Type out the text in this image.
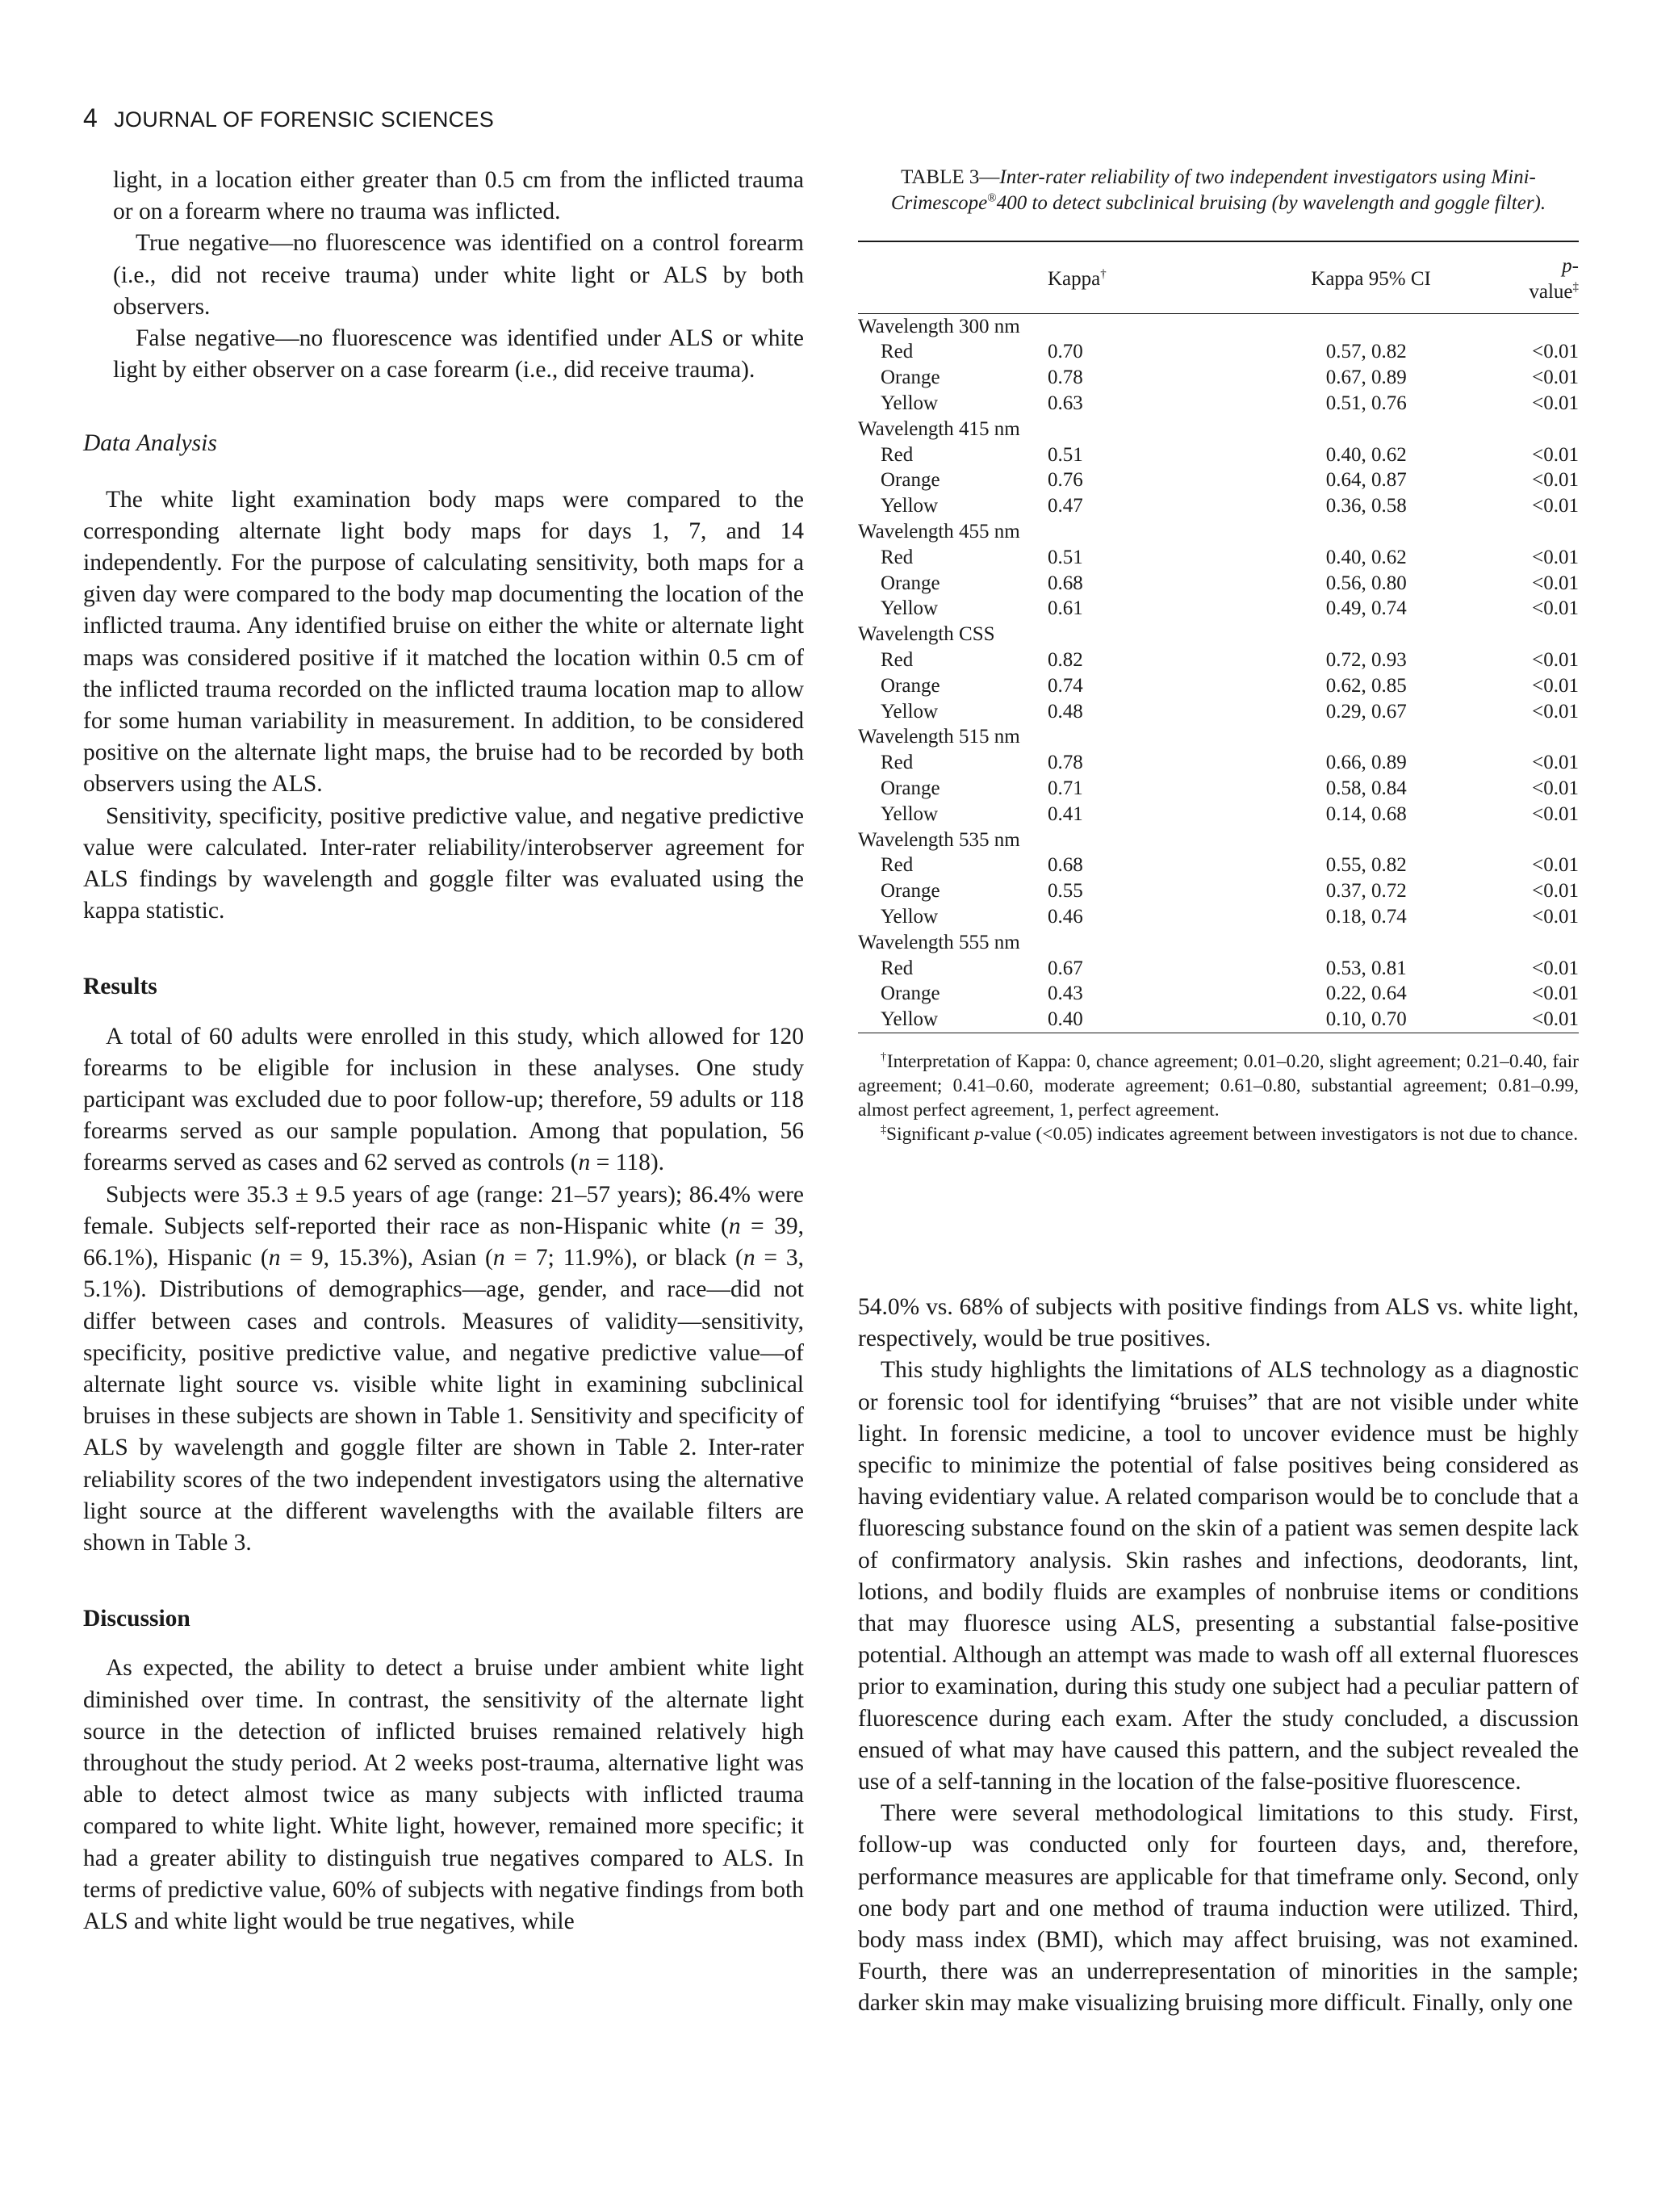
4 JOURNAL OF FORENSIC SCIENCES

light, in a location either greater than 0.5 cm from the inflicted trauma or on a forearm where no trauma was inflicted.

True negative—no fluorescence was identified on a control forearm (i.e., did not receive trauma) under white light or ALS by both observers.

False negative—no fluorescence was identified under ALS or white light by either observer on a case forearm (i.e., did receive trauma).

Data Analysis

The white light examination body maps were compared to the corresponding alternate light body maps for days 1, 7, and 14 independently. For the purpose of calculating sensitivity, both maps for a given day were compared to the body map documenting the location of the inflicted trauma. Any identified bruise on either the white or alternate light maps was considered positive if it matched the location within 0.5 cm of the inflicted trauma recorded on the inflicted trauma location map to allow for some human variability in measurement. In addition, to be considered positive on the alternate light maps, the bruise had to be recorded by both observers using the ALS.

Sensitivity, specificity, positive predictive value, and negative predictive value were calculated. Inter-rater reliability/interobserver agreement for ALS findings by wavelength and goggle filter was evaluated using the kappa statistic.

Results

A total of 60 adults were enrolled in this study, which allowed for 120 forearms to be eligible for inclusion in these analyses. One study participant was excluded due to poor follow-up; therefore, 59 adults or 118 forearms served as our sample population. Among that population, 56 forearms served as cases and 62 served as controls (n = 118).

Subjects were 35.3 ± 9.5 years of age (range: 21–57 years); 86.4% were female. Subjects self-reported their race as non-Hispanic white (n = 39, 66.1%), Hispanic (n = 9, 15.3%), Asian (n = 7; 11.9%), or black (n = 3, 5.1%). Distributions of demographics—age, gender, and race—did not differ between cases and controls. Measures of validity—sensitivity, specificity, positive predictive value, and negative predictive value—of alternate light source vs. visible white light in examining subclinical bruises in these subjects are shown in Table 1. Sensitivity and specificity of ALS by wavelength and goggle filter are shown in Table 2. Inter-rater reliability scores of the two independent investigators using the alternative light source at the different wavelengths with the available filters are shown in Table 3.

Discussion

As expected, the ability to detect a bruise under ambient white light diminished over time. In contrast, the sensitivity of the alternate light source in the detection of inflicted bruises remained relatively high throughout the study period. At 2 weeks post-trauma, alternative light was able to detect almost twice as many subjects with inflicted trauma compared to white light. White light, however, remained more specific; it had a greater ability to distinguish true negatives compared to ALS. In terms of predictive value, 60% of subjects with negative findings from both ALS and white light would be true negatives, while

TABLE 3—Inter-rater reliability of two independent investigators using Mini-Crimescope®400 to detect subclinical bruising (by wavelength and goggle filter).
	Kappa†	Kappa 95% CI	p-value‡

Wavelength 300 nm			
Red	0.70	0.57, 0.82	<0.01
Orange	0.78	0.67, 0.89	<0.01
Yellow	0.63	0.51, 0.76	<0.01
Wavelength 415 nm			
Red	0.51	0.40, 0.62	<0.01
Orange	0.76	0.64, 0.87	<0.01
Yellow	0.47	0.36, 0.58	<0.01
Wavelength 455 nm			
Red	0.51	0.40, 0.62	<0.01
Orange	0.68	0.56, 0.80	<0.01
Yellow	0.61	0.49, 0.74	<0.01
Wavelength CSS			
Red	0.82	0.72, 0.93	<0.01
Orange	0.74	0.62, 0.85	<0.01
Yellow	0.48	0.29, 0.67	<0.01
Wavelength 515 nm			
Red	0.78	0.66, 0.89	<0.01
Orange	0.71	0.58, 0.84	<0.01
Yellow	0.41	0.14, 0.68	<0.01
Wavelength 535 nm			
Red	0.68	0.55, 0.82	<0.01
Orange	0.55	0.37, 0.72	<0.01
Yellow	0.46	0.18, 0.74	<0.01
Wavelength 555 nm			
Red	0.67	0.53, 0.81	<0.01
Orange	0.43	0.22, 0.64	<0.01
Yellow	0.40	0.10, 0.70	<0.01

†Interpretation of Kappa: 0, chance agreement; 0.01–0.20, slight agreement; 0.21–0.40, fair agreement; 0.41–0.60, moderate agreement; 0.61–0.80, substantial agreement; 0.81–0.99, almost perfect agreement, 1, perfect agreement.

‡Significant p-value (<0.05) indicates agreement between investigators is not due to chance.

54.0% vs. 68% of subjects with positive findings from ALS vs. white light, respectively, would be true positives.

This study highlights the limitations of ALS technology as a diagnostic or forensic tool for identifying “bruises” that are not visible under white light. In forensic medicine, a tool to uncover evidence must be highly specific to minimize the potential of false positives being considered as having evidentiary value. A related comparison would be to conclude that a fluorescing substance found on the skin of a patient was semen despite lack of confirmatory analysis. Skin rashes and infections, deodorants, lint, lotions, and bodily fluids are examples of nonbruise items or conditions that may fluoresce using ALS, presenting a substantial false-positive potential. Although an attempt was made to wash off all external fluoresces prior to examination, during this study one subject had a peculiar pattern of fluorescence during each exam. After the study concluded, a discussion ensued of what may have caused this pattern, and the subject revealed the use of a self-tanning in the location of the false-positive fluorescence.

There were several methodological limitations to this study. First, follow-up was conducted only for fourteen days, and, therefore, performance measures are applicable for that timeframe only. Second, only one body part and one method of trauma induction were utilized. Third, body mass index (BMI), which may affect bruising, was not examined. Fourth, there was an underrepresentation of minorities in the sample; darker skin may make visualizing bruising more difficult. Finally, only one
